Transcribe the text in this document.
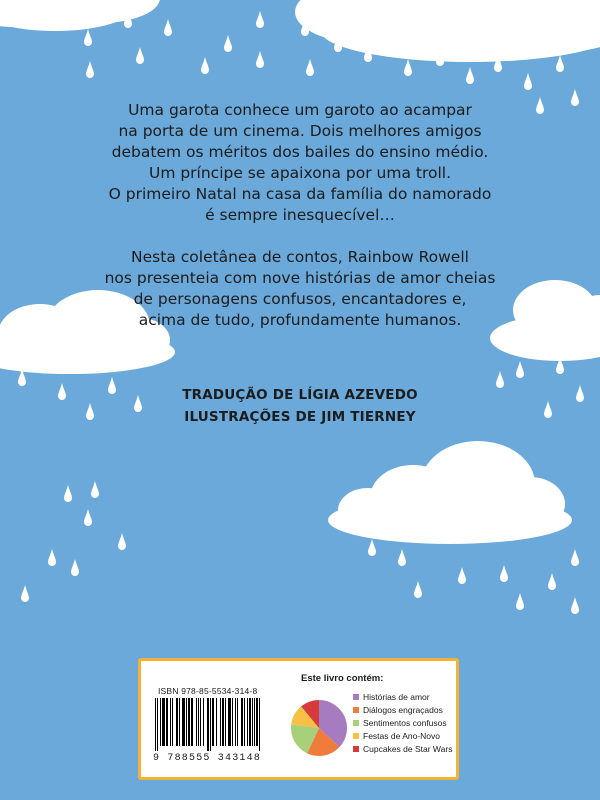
Uma garota conhece um garoto ao acampar
na porta de um cinema. Dois melhores amigos
debatem os méritos dos bailes do ensino médio.
Um príncipe se apaixona por uma troll.
O primeiro Natal na casa da família do namorado
é sempre inesquecível…

Nesta coletânea de contos, Rainbow Rowell
nos presenteia com nove histórias de amor cheias
de personagens confusos, encantadores e,
acima de tudo, profundamente humanos.

TRADUÇÃO DE LÍGIA AZEVEDO
ILUSTRAÇÕES DE JIM TIERNEY
ISBN 978-85-5534-314-8
9 788555 343148
Este livro contém:
Histórias de amor
Diálogos engraçados
Sentimentos confusos
Festas de Ano-Novo
Cupcakes de Star Wars
